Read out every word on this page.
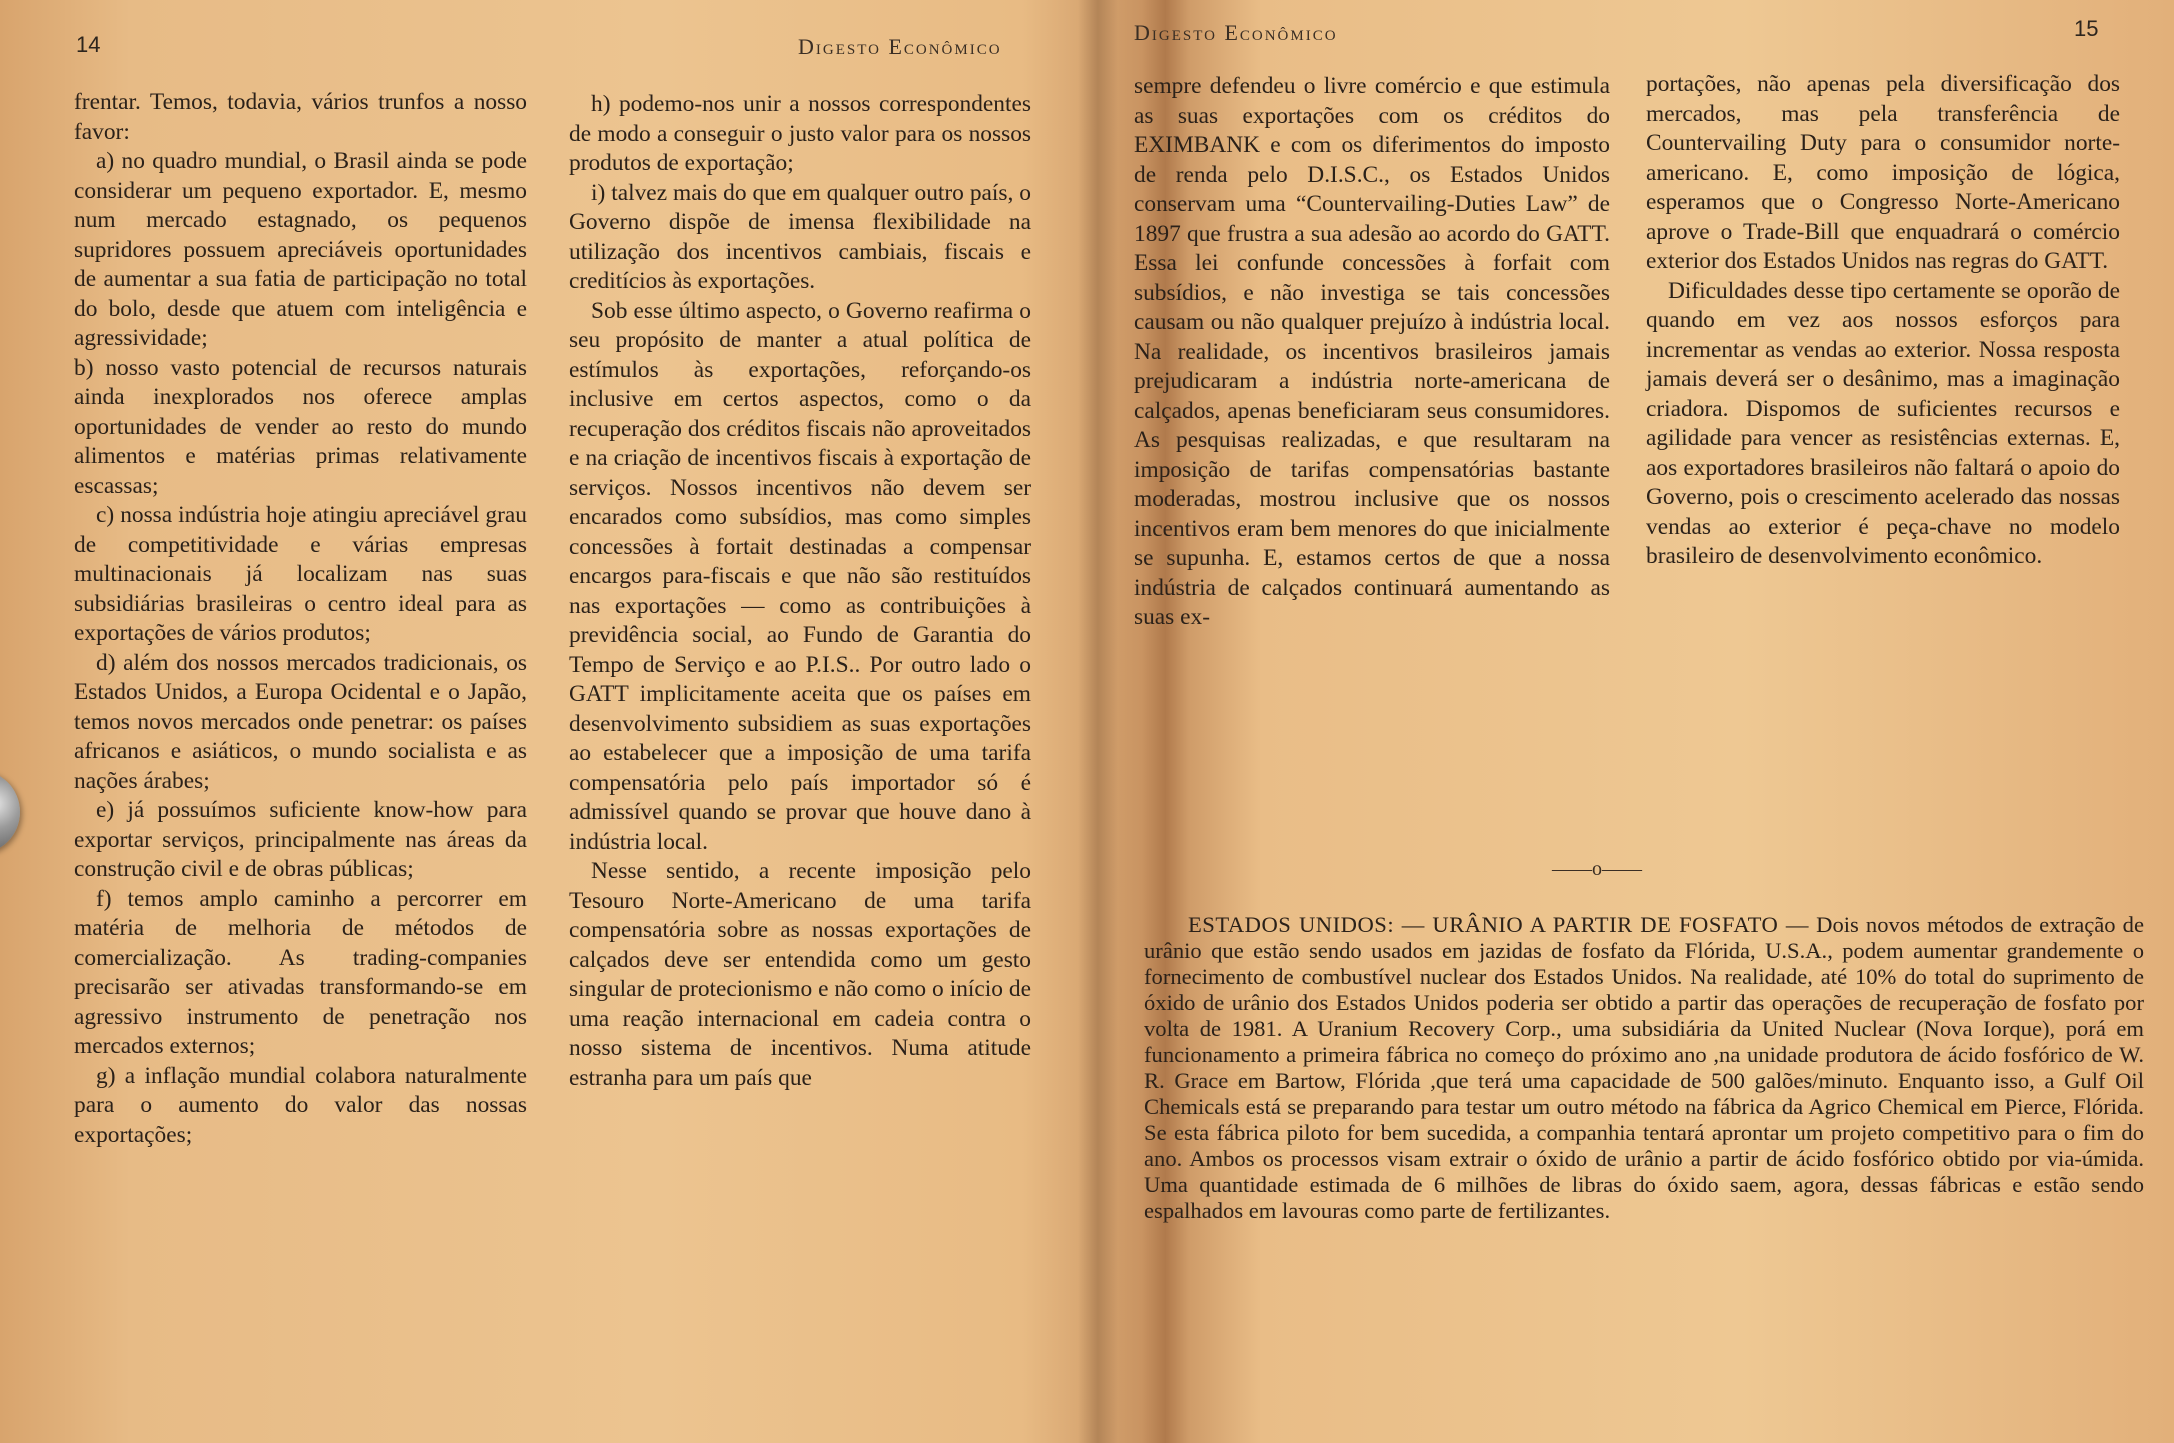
14	Digesto Econômico

frentar. Temos, todavia, vários trunfos a nosso favor:

a) no quadro mundial, o Brasil ainda se pode considerar um pequeno exportador. E, mesmo num mercado estagnado, os pequenos supridores possuem apreciáveis oportunidades de aumentar a sua fatia de participação no total do bolo, desde que atuem com inteligência e agressividade;

b) nosso vasto potencial de recursos naturais ainda inexplorados nos oferece amplas oportunidades de vender ao resto do mundo alimentos e matérias primas relativamente escassas;

c) nossa indústria hoje atingiu apreciável grau de competitividade e várias empresas multinacionais já localizam nas suas subsidiárias brasileiras o centro ideal para as exportações de vários produtos;

d) além dos nossos mercados tradicionais, os Estados Unidos, a Europa Ocidental e o Japão, temos novos mercados onde penetrar: os países africanos e asiáticos, o mundo socialista e as nações árabes;

e) já possuímos suficiente know-how para exportar serviços, principalmente nas áreas da construção civil e de obras públicas;

f) temos amplo caminho a percorrer em matéria de melhoria de métodos de comercialização. As trading-companies precisarão ser ativadas transformando-se em agressivo instrumento de penetração nos mercados externos;

g) a inflação mundial colabora naturalmente para o aumento do valor das nossas exportações;

h) podemo-nos unir a nossos correspondentes de modo a conseguir o justo valor para os nossos produtos de exportação;

i) talvez mais do que em qualquer outro país, o Governo dispõe de imensa flexibilidade na utilização dos incentivos cambiais, fiscais e creditícios às exportações.

Sob esse último aspecto, o Governo reafirma o seu propósito de manter a atual política de estímulos às exportações, reforçando-os inclusive em certos aspectos, como o da recuperação dos créditos fiscais não aproveitados e na criação de incentivos fiscais à exportação de serviços. Nossos incentivos não devem ser encarados como subsídios, mas como simples concessões à fortait destinadas a compensar encargos para-fiscais e que não são restituídos nas exportações — como as contribuições à previdência social, ao Fundo de Garantia do Tempo de Serviço e ao P.I.S.. Por outro lado o GATT implicitamente aceita que os países em desenvolvimento subsidiem as suas exportações ao estabelecer que a imposição de uma tarifa compensatória pelo país importador só é admissível quando se provar que houve dano à indústria local.

Nesse sentido, a recente imposição pelo Tesouro Norte-Americano de uma tarifa compensatória sobre as nossas exportações de calçados deve ser entendida como um gesto singular de protecionismo e não como o início de uma reação internacional em cadeia contra o nosso sistema de incentivos. Numa atitude estranha para um país que

Digesto Econômico	15

sempre defendeu o livre comércio e que estimula as suas exportações com os créditos do EXIMBANK e com os diferimentos do imposto de renda pelo D.I.S.C., os Estados Unidos conservam uma “Countervailing-Duties Law” de 1897 que frustra a sua adesão ao acordo do GATT. Essa lei confunde concessões à forfait com subsídios, e não investiga se tais concessões causam ou não qualquer prejuízo à indústria local. Na realidade, os incentivos brasileiros jamais prejudicaram a indústria norte-americana de calçados, apenas beneficiaram seus consumidores. As pesquisas realizadas, e que resultaram na imposição de tarifas compensatórias bastante moderadas, mostrou inclusive que os nossos incentivos eram bem menores do que inicialmente se supunha. E, estamos certos de que a nossa indústria de calçados continuará aumentando as suas ex-

portações, não apenas pela diversificação dos mercados, mas pela transferência de Countervailing Duty para o consumidor norte-americano. E, como imposição de lógica, esperamos que o Congresso Norte-Americano aprove o Trade-Bill que enquadrará o comércio exterior dos Estados Unidos nas regras do GATT.

Dificuldades desse tipo certamente se oporão de quando em vez aos nossos esforços para incrementar as vendas ao exterior. Nossa resposta jamais deverá ser o desânimo, mas a imaginação criadora. Dispomos de suficientes recursos e agilidade para vencer as resistências externas. E, aos exportadores brasileiros não faltará o apoio do Governo, pois o crescimento acelerado das nossas vendas ao exterior é peça-chave no modelo brasileiro de desenvolvimento econômico.

——o——
ESTADOS UNIDOS: — URÂNIO A PARTIR DE FOSFATO — Dois novos métodos de extração de urânio que estão sendo usados em jazidas de fosfato da Flórida, U.S.A., podem aumentar grandemente o fornecimento de combustível nuclear dos Estados Unidos. Na realidade, até 10% do total do suprimento de óxido de urânio dos Estados Unidos poderia ser obtido a partir das operações de recuperação de fosfato por volta de 1981. A Uranium Recovery Corp., uma subsidiária da United Nuclear (Nova Iorque), porá em funcionamento a primeira fábrica no começo do próximo ano ,na unidade produtora de ácido fosfórico de W. R. Grace em Bartow, Flórida ,que terá uma capacidade de 500 galões/minuto. Enquanto isso, a Gulf Oil Chemicals está se preparando para testar um outro método na fábrica da Agrico Chemical em Pierce, Flórida. Se esta fábrica piloto for bem sucedida, a companhia tentará aprontar um projeto competitivo para o fim do ano. Ambos os processos visam extrair o óxido de urânio a partir de ácido fosfórico obtido por via-úmida. Uma quantidade estimada de 6 milhões de libras do óxido saem, agora, dessas fábricas e estão sendo espalhados em lavouras como parte de fertilizantes.
